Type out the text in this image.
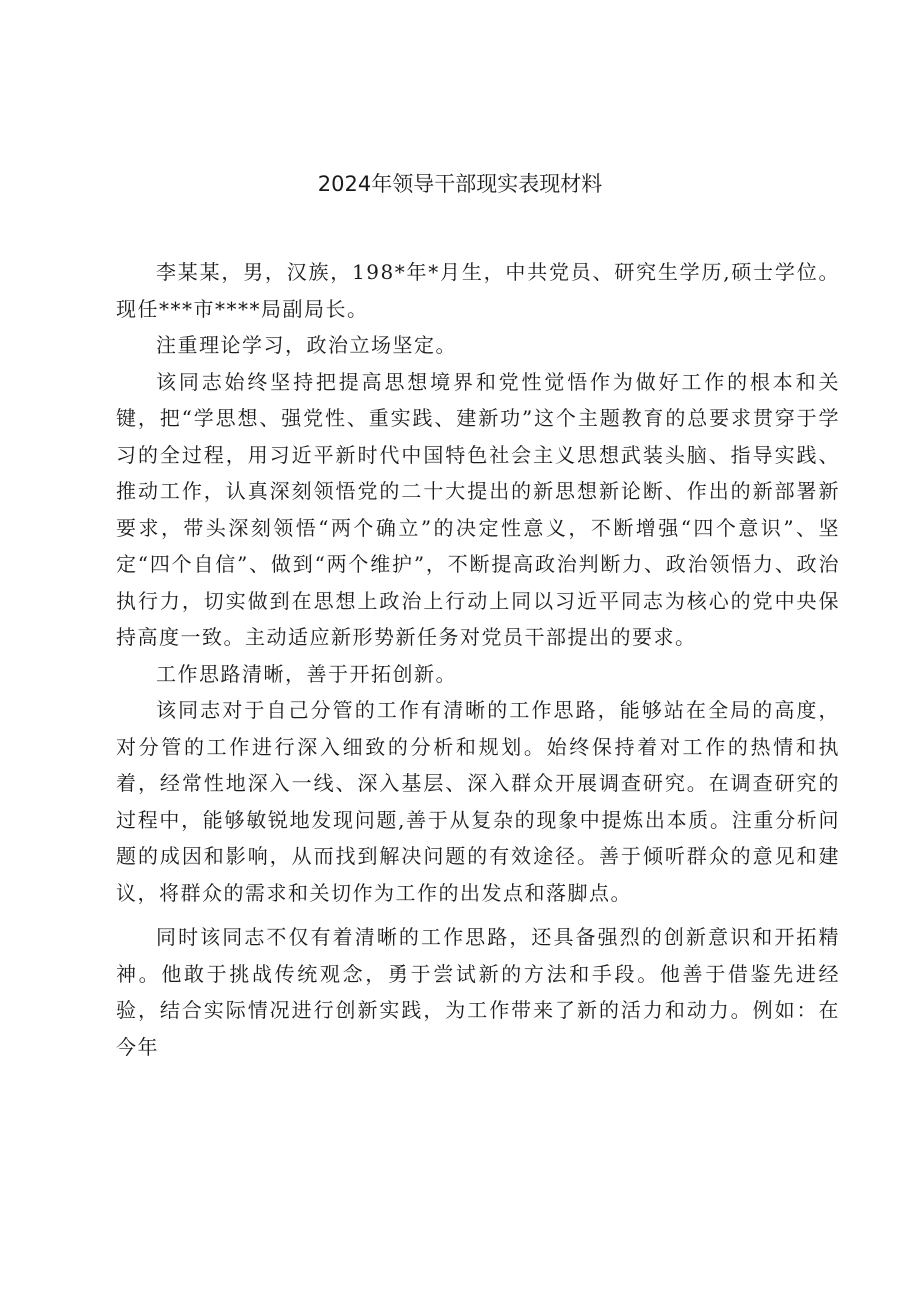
2024年领导干部现实表现材料

李某某，男，汉族，198*年*月生，中共党员、研究生学历,硕士学位。现任***市****局副局长。

注重理论学习，政治立场坚定。

该同志始终坚持把提高思想境界和党性觉悟作为做好工作的根本和关键，把“学思想、强党性、重实践、建新功”这个主题教育的总要求贯穿于学习的全过程，用习近平新时代中国特色社会主义思想武装头脑、指导实践、推动工作，认真深刻领悟党的二十大提出的新思想新论断、作出的新部署新要求，带头深刻领悟“两个确立”的决定性意义，不断增强“四个意识”、坚定“四个自信”、做到“两个维护”，不断提高政治判断力、政治领悟力、政治执行力，切实做到在思想上政治上行动上同以习近平同志为核心的党中央保持高度一致。主动适应新形势新任务对党员干部提出的要求。

工作思路清晰，善于开拓创新。

该同志对于自己分管的工作有清晰的工作思路，能够站在全局的高度，对分管的工作进行深入细致的分析和规划。始终保持着对工作的热情和执着，经常性地深入一线、深入基层、深入群众开展调查研究。在调查研究的过程中，能够敏锐地发现问题,善于从复杂的现象中提炼出本质。注重分析问题的成因和影响，从而找到解决问题的有效途径。善于倾听群众的意见和建议，将群众的需求和关切作为工作的出发点和落脚点。

同时该同志不仅有着清晰的工作思路，还具备强烈的创新意识和开拓精神。他敢于挑战传统观念，勇于尝试新的方法和手段。他善于借鉴先进经验，结合实际情况进行创新实践，为工作带来了新的活力和动力。例如：在今年
